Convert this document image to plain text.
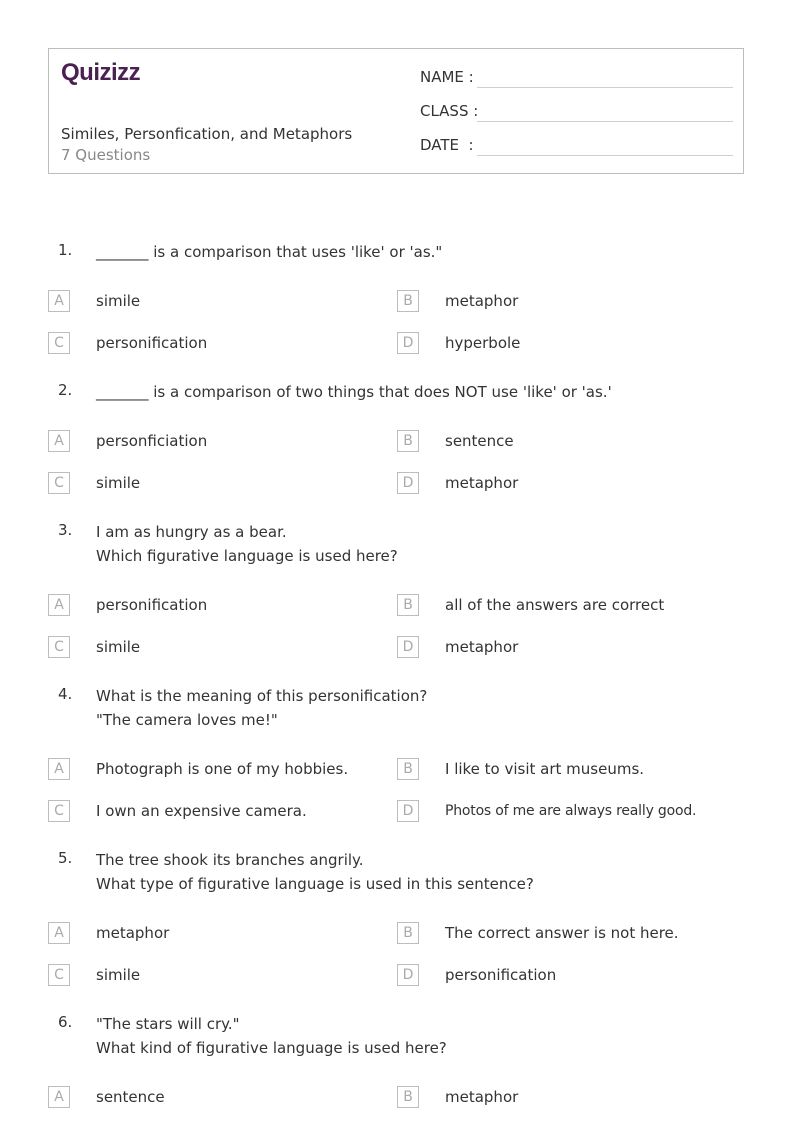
Quizizz
Similes, Personfication, and Metaphors
7 Questions
NAME :
CLASS :
DATE  :
1. _______ is a comparison that uses 'like' or 'as."
A	simile	B	metaphor
C	personification	D	hyperbole
2. _______ is a comparison of two things that does NOT use 'like' or 'as.'
A	personficiation	B	sentence
C	simile	D	metaphor
3. I am as hungry as a bear.
Which figurative language is used here?
A	personification	B	all of the answers are correct
C	simile	D	metaphor
4. What is the meaning of this personification?
"The camera loves me!"
A	Photograph is one of my hobbies.	B	I like to visit art museums.
C	I own an expensive camera.	D	Photos of me are always really good.
5. The tree shook its branches angrily.
What type of figurative language is used in this sentence?
A	metaphor	B	The correct answer is not here.
C	simile	D	personification
6. "The stars will cry."
What kind of figurative language is used here?
A	sentence	B	metaphor
